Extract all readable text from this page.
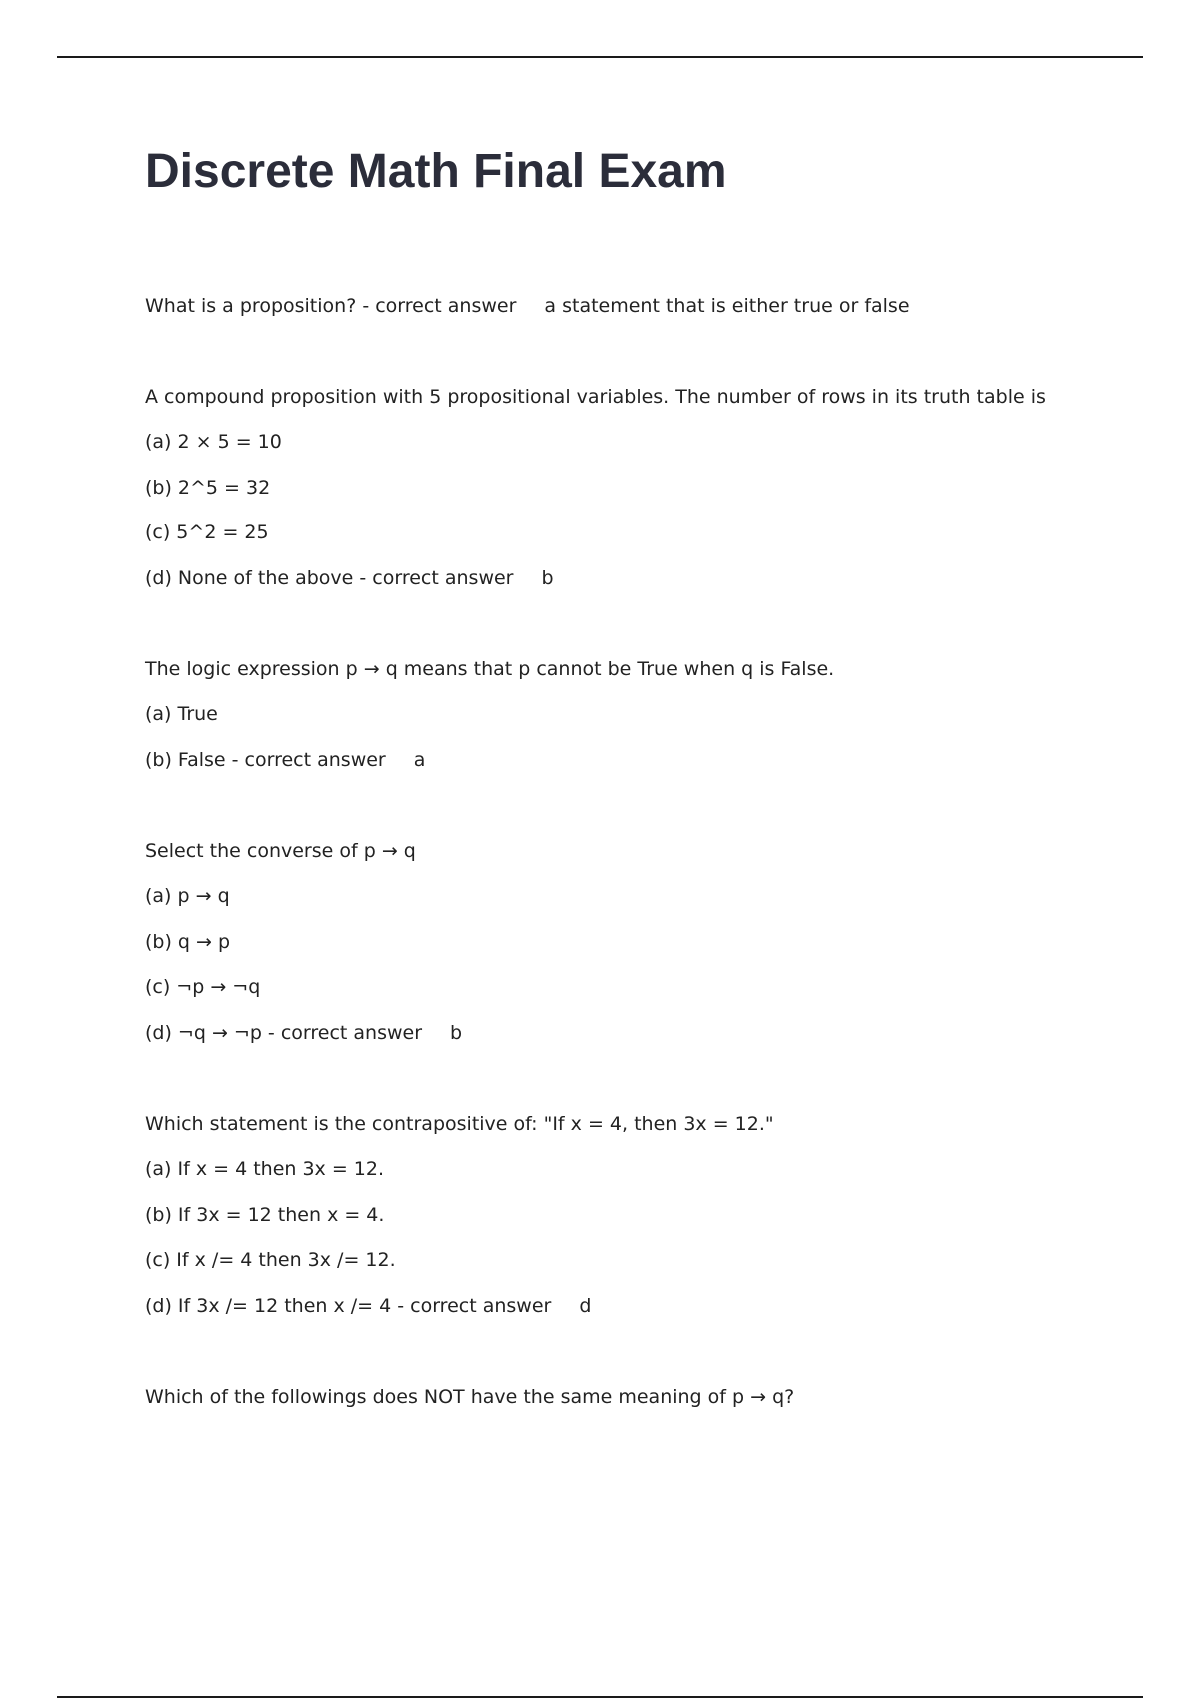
Discrete Math Final Exam
What is a proposition? - correct answer a statement that is either true or false
A compound proposition with 5 propositional variables. The number of rows in its truth table is
(a) 2 × 5 = 10
(b) 2^5 = 32
(c) 5^2 = 25
(d) None of the above - correct answer b
The logic expression p → q means that p cannot be True when q is False.
(a) True
(b) False - correct answer a
Select the converse of p → q
(a) p → q
(b) q → p
(c) ¬p → ¬q
(d) ¬q → ¬p - correct answer b
Which statement is the contrapositive of: "If x = 4, then 3x = 12."
(a) If x = 4 then 3x = 12.
(b) If 3x = 12 then x = 4.
(c) If x /= 4 then 3x /= 12.
(d) If 3x /= 12 then x /= 4 - correct answer d
Which of the followings does NOT have the same meaning of p → q?
